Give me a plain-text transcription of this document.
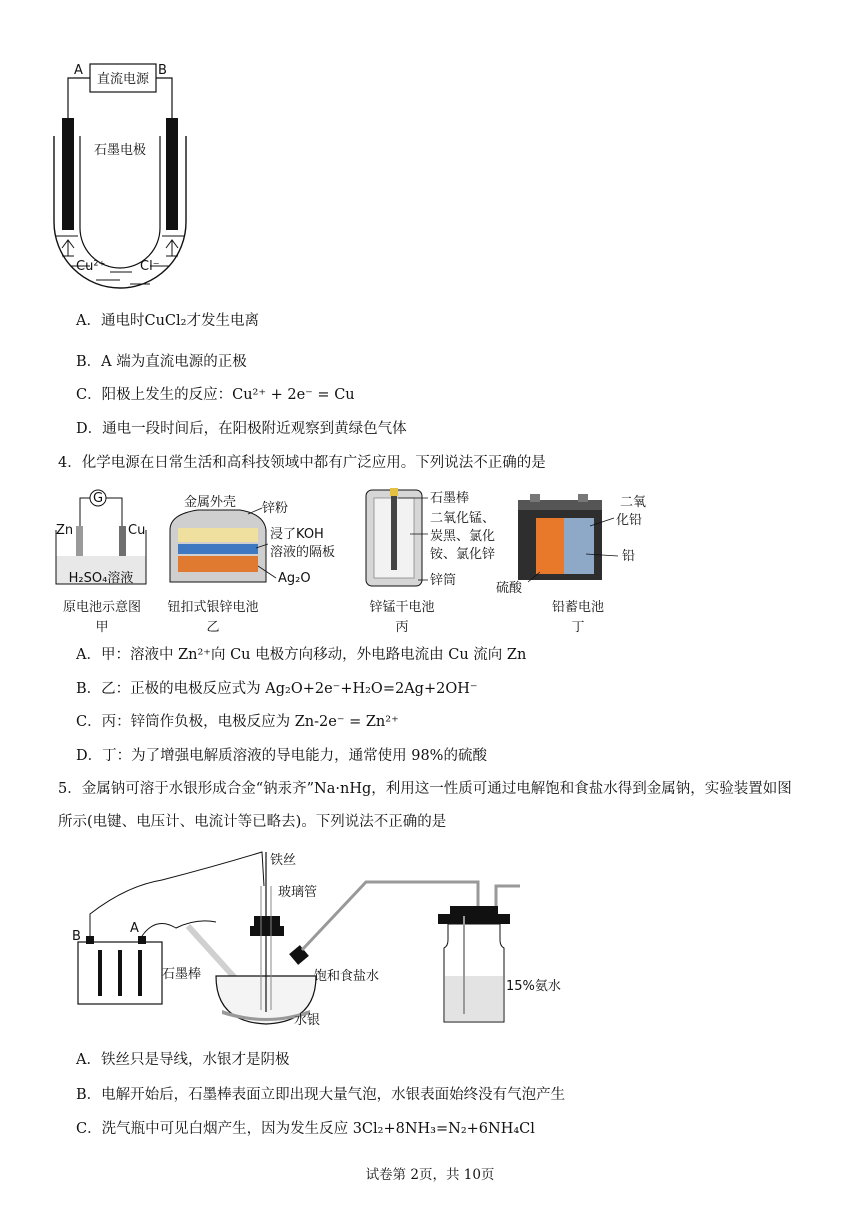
直流电源
A	B
石墨电极
Cu²⁺	Cl⁻
A．通电时CuCl₂才发生电离
B．A 端为直流电源的正极
C．阳极上发生的反应：Cu²⁺ + 2e⁻ = Cu
D．通电一段时间后，在阳极附近观察到黄绿色气体
4．化学电源在日常生活和高科技领域中都有广泛应用。下列说法不正确的是
G
Zn	Cu
H₂SO₄溶液
原电池示意图
甲
金属外壳 锌粉
浸了KOH
溶液的隔板
Ag₂O
钮扣式银锌电池
乙
石墨棒
二氧化锰、
炭黑、氯化
铵、氯化锌
锌筒
锌锰干电池
丙
二氧
化铅
铅
硫酸
铅蓄电池
丁
A．甲：溶液中 Zn²⁺向 Cu 电极方向移动，外电路电流由 Cu 流向 Zn
B．乙：正极的电极反应式为 Ag₂O+2e⁻+H₂O=2Ag+2OH⁻
C．丙：锌筒作负极，电极反应为 Zn-2e⁻ = Zn²⁺
D．丁：为了增强电解质溶液的导电能力，通常使用 98%的硫酸
5．金属钠可溶于水银形成合金“钠汞齐”Na·nHg，利用这一性质可通过电解饱和食盐水得到金属钠，实验装置如图
所示(电键、电压计、电流计等已略去)。下列说法不正确的是
B
A
石墨棒
铁丝
玻璃管
饱和食盐水
水银
15%氨水
A．铁丝只是导线，水银才是阴极
B．电解开始后，石墨棒表面立即出现大量气泡，水银表面始终没有气泡产生
C．洗气瓶中可见白烟产生，因为发生反应 3Cl₂+8NH₃=N₂+6NH₄Cl
试卷第 2页，共 10页
